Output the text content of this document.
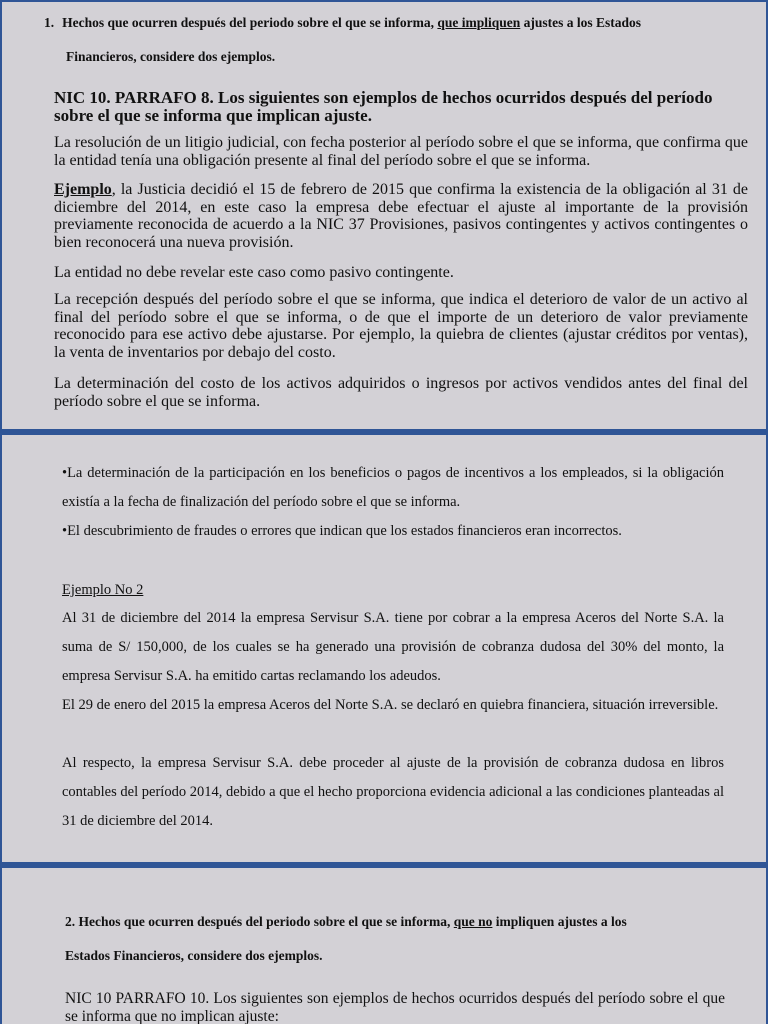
1. Hechos que ocurren después del periodo sobre el que se informa, que impliquen ajustes a los Estados

Financieros, considere dos ejemplos.

NIC 10. PARRAFO 8. Los siguientes son ejemplos de hechos ocurridos después del período sobre el que se informa que implican ajuste.

La resolución de un litigio judicial, con fecha posterior al período sobre el que se informa, que confirma que la entidad tenía una obligación presente al final del período sobre el que se informa.

Ejemplo, la Justicia decidió el 15 de febrero de 2015 que confirma la existencia de la obligación al 31 de diciembre del 2014, en este caso la empresa debe efectuar el ajuste al importante de la provisión previamente reconocida de acuerdo a la NIC 37 Provisiones, pasivos contingentes y activos contingentes o bien reconocerá una nueva provisión.

La entidad no debe revelar este caso como pasivo contingente.

La recepción después del período sobre el que se informa, que indica el deterioro de valor de un activo al final del período sobre el que se informa, o de que el importe de un deterioro de valor previamente reconocido para ese activo debe ajustarse. Por ejemplo, la quiebra de clientes (ajustar créditos por ventas), la venta de inventarios por debajo del costo.

La determinación del costo de los activos adquiridos o ingresos por activos vendidos antes del final del período sobre el que se informa.

•La determinación de la participación en los beneficios o pagos de incentivos a los empleados, si la obligación existía a la fecha de finalización del período sobre el que se informa.

•El descubrimiento de fraudes o errores que indican que los estados financieros eran incorrectos.

Ejemplo No 2

Al 31 de diciembre del 2014 la empresa Servisur S.A. tiene por cobrar a la empresa Aceros del Norte S.A. la suma de S/ 150,000, de los cuales se ha generado una provisión de cobranza dudosa del 30% del monto, la empresa Servisur S.A. ha emitido cartas reclamando los adeudos.

El 29 de enero del 2015 la empresa Aceros del Norte S.A. se declaró en quiebra financiera, situación irreversible.

Al respecto, la empresa Servisur S.A. debe proceder al ajuste de la provisión de cobranza dudosa en libros contables del período 2014, debido a que el hecho proporciona evidencia adicional a las condiciones planteadas al 31 de diciembre del 2014.

2. Hechos que ocurren después del periodo sobre el que se informa, que no impliquen ajustes a los

Estados Financieros, considere dos ejemplos.

NIC 10 PARRAFO 10. Los siguientes son ejemplos de hechos ocurridos después del período sobre el que se informa que no implican ajuste:
